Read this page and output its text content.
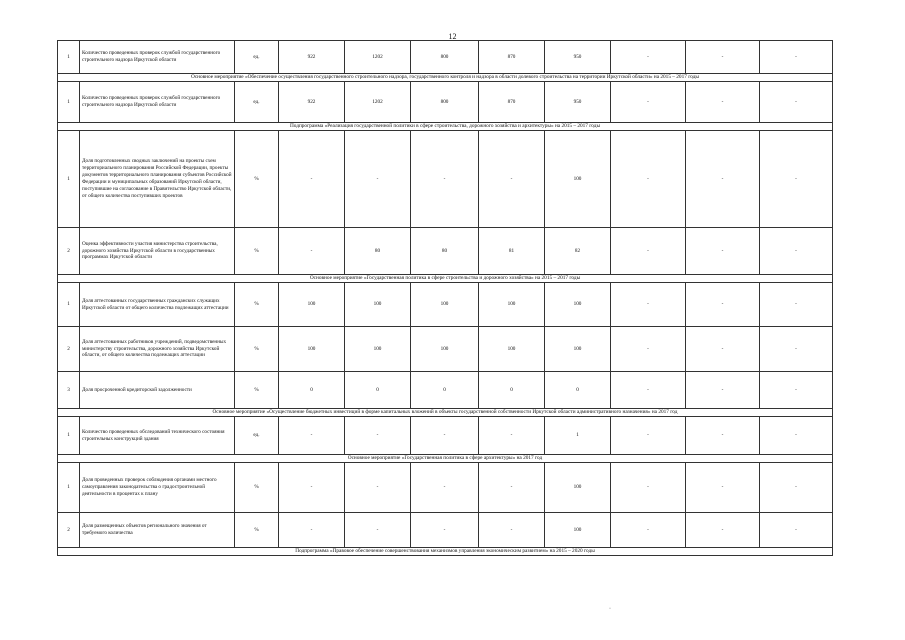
12
1	Количество проведенных проверок службой государственного строительного надзора Иркутской области	ед.	922	1202	800	870	950	-	-	-
Основное мероприятие «Обеспечение осуществления государственного строительного надзора, государственного контроля и надзора в области долевого строительства на территории Иркутской области» на 2015 – 2017 годы										
1	Количество проведенных проверок службой государственного строительного надзора Иркутской области	ед.	922	1202	800	870	950	-	-	-
Подпрограмма «Реализация государственной политики в сфере строительства, дорожного хозяйства и архитектуры» на 2015 – 2017 годы										
1	Доля подготовленных сводных заключений на проекты схем территориального планирования Российской Федерации, проекты документов территориального планирования субъектов Российской Федерации и муниципальных образований Иркутской области, поступившие на согласование в Правительство Иркутской области, от общего количества поступивших проектов	%	-	-	-	-	100	-	-	-
2	Оценка эффективности участия министерства строительства, дорожного хозяйства Иркутской области в государственных программах Иркутской области	%	-	80	80	81	82	-	-	-
Основное мероприятие «Государственная политика в сфере строительства и дорожного хозяйства» на 2015 – 2017 годы										
1	Доля аттестованных государственных гражданских служащих Иркутской области от общего количества подлежащих аттестации	%	100	100	100	100	100	-	-	-
2	Доля аттестованных работников учреждений, подведомственных министерству строительства, дорожного хозяйства Иркутской области, от общего количества подлежащих аттестации	%	100	100	100	100	100	-	-	-
3	Доля просроченной кредиторской задолженности	%	0	0	0	0	0	-	-	-
Основное мероприятие «Осуществление бюджетных инвестиций в форме капитальных вложений в объекты государственной собственности Иркутской области административного назначения» на 2017 год										
1	Количество проведенных обследований технического состояния строительных конструкций здания	ед.	-	-	-	-	1	-	-	-
Основное мероприятие «Государственная политика в сфере архитектуры» на 2017 год										
1	Доля проведенных проверок соблюдения органами местного самоуправления законодательства о градостроительной деятельности в процентах к плану	%	-	-	-	-	100	-	-	-
2	Доля размещенных объектов регионального значения от требуемого количества	%	-	-	-	-	100	-	-	-
Подпрограмма «Правовое обеспечение совершенствования механизмов управления экономическим развитием» на 2015 – 2020 годы										
·
